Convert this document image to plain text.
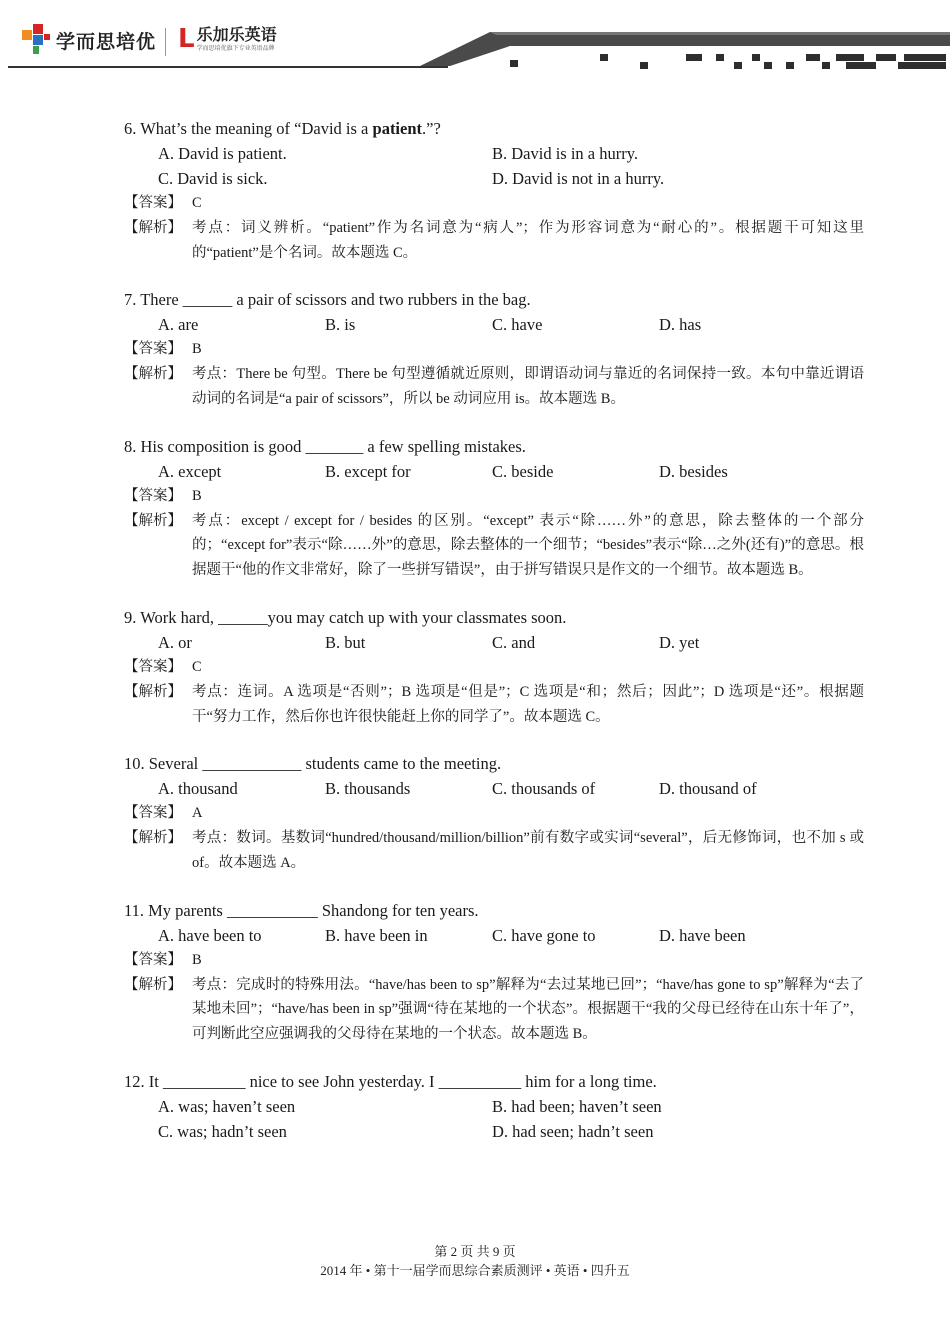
学而思培优 L 乐加乐英语
学而思培优旗下专业英语品牌
6. What’s the meaning of “David is a patient.”?
A. David is patient.	B. David is in a hurry.
C. David is sick.	D. David is not in a hurry.
【答案】 C
【解析】 考点：词义辨析。“patient”作为名词意为“病人”；作为形容词意为“耐心的”。根据题干可知这里的“patient”是个名词。故本题选 C。
7. There ______ a pair of scissors and two rubbers in the bag.
A. are	B. is	C. have	D. has
【答案】 B
【解析】 考点：There be 句型。There be 句型遵循就近原则，即谓语动词与靠近的名词保持一致。本句中靠近谓语动词的名词是“a pair of scissors”，所以 be 动词应用 is。故本题选 B。
8. His composition is good _______ a few spelling mistakes.
A. except	B. except for	C. beside	D. besides
【答案】 B
【解析】 考点：except / except for / besides 的区别。“except” 表示“除……外”的意思，除去整体的一个部分的；“except for”表示“除……外”的意思，除去整体的一个细节；“besides”表示“除…之外(还有)”的意思。根据题干“他的作文非常好，除了一些拼写错误”，由于拼写错误只是作文的一个细节。故本题选 B。
9. Work hard, ______you may catch up with your classmates soon.
A. or	B. but	C. and	D. yet
【答案】 C
【解析】 考点：连词。A 选项是“否则”；B 选项是“但是”；C 选项是“和；然后；因此”；D 选项是“还”。根据题干“努力工作，然后你也许很快能赶上你的同学了”。故本题选 C。
10. Several ____________ students came to the meeting.
A. thousand	B. thousands	C. thousands of	D. thousand of
【答案】 A
【解析】 考点：数词。基数词“hundred/thousand/million/billion”前有数字或实词“several”，后无修饰词，也不加 s 或 of。故本题选 A。
11. My parents ___________ Shandong for ten years.
A. have been to	B. have been in	C. have gone to	D. have been
【答案】 B
【解析】 考点：完成时的特殊用法。“have/has been to sp”解释为“去过某地已回”；“have/has gone to sp”解释为“去了某地未回”；“have/has been in sp”强调“待在某地的一个状态”。根据题干“我的父母已经待在山东十年了”，可判断此空应强调我的父母待在某地的一个状态。故本题选 B。
12. It __________ nice to see John yesterday. I __________ him for a long time.
A. was; haven’t seen	B. had been; haven’t seen
C. was; hadn’t seen	D. had seen; hadn’t seen
第 2 页 共 9 页
2014 年 • 第十一届学而思综合素质测评 • 英语 • 四升五
